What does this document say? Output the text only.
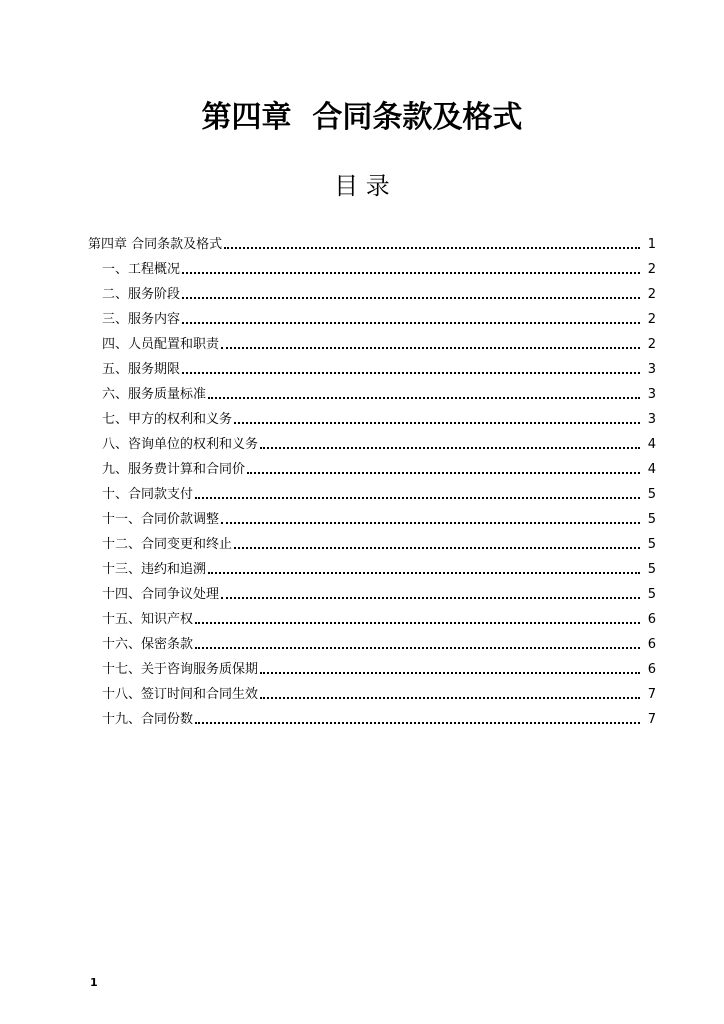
第四章  合同条款及格式
目 录
第四章 合同条款及格式	1
一、工程概况	2
二、服务阶段	2
三、服务内容	2
四、人员配置和职责	2
五、服务期限	3
六、服务质量标准	3
七、甲方的权利和义务	3
八、咨询单位的权利和义务	4
九、服务费计算和合同价	4
十、合同款支付	5
十一、合同价款调整	5
十二、合同变更和终止	5
十三、违约和追溯	5
十四、合同争议处理	5
十五、知识产权	6
十六、保密条款	6
十七、关于咨询服务质保期	6
十八、签订时间和合同生效	7
十九、合同份数	7
1
